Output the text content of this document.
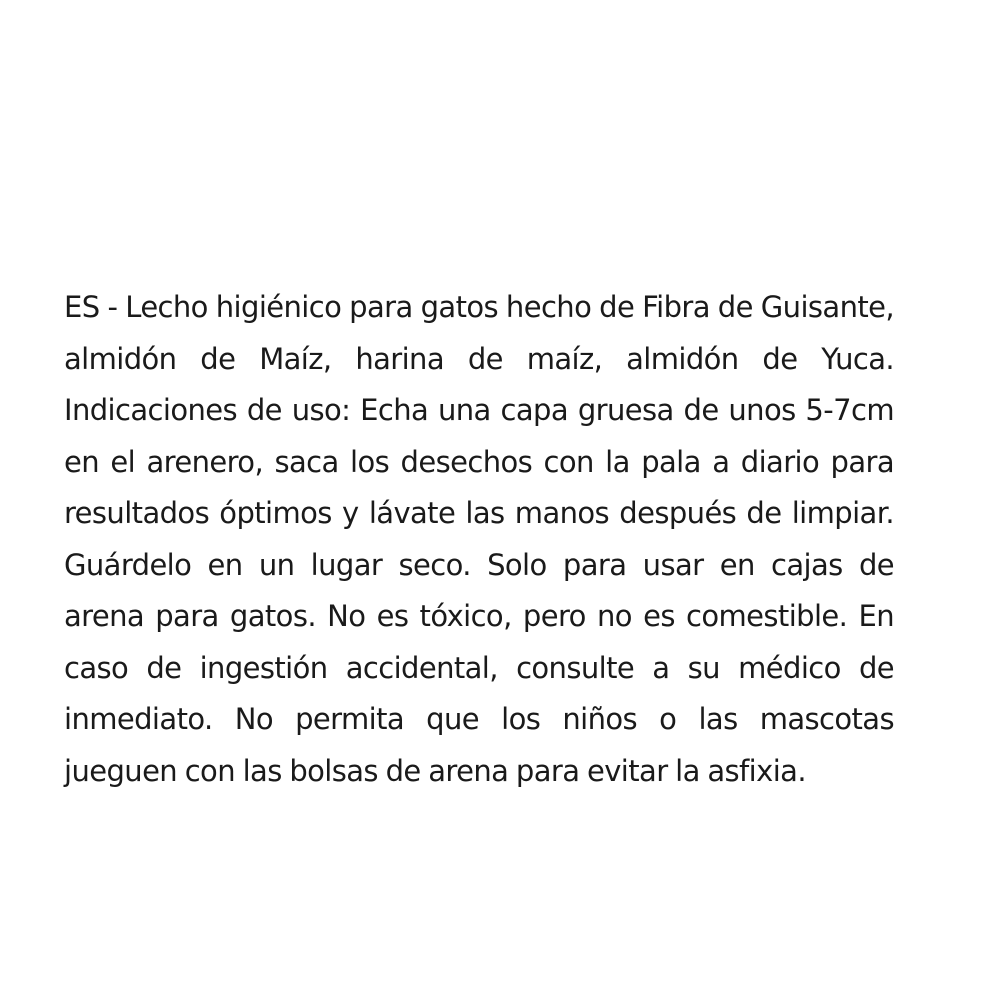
ES - Lecho higiénico para gatos hecho de Fibra de Guisante, almidón de Maíz, harina de maíz, almidón de Yuca. Indicaciones de uso: Echa una capa gruesa de unos 5-7cm en el arenero, saca los desechos con la pala a diario para resultados óptimos y lávate las manos después de limpiar. Guárdelo en un lugar seco. Solo para usar en cajas de arena para gatos. No es tóxico, pero no es comestible. En caso de ingestión accidental, consulte a su médico de inmediato. No permita que los niños o las mascotas jueguen con las bolsas de arena para evitar la asfixia.
